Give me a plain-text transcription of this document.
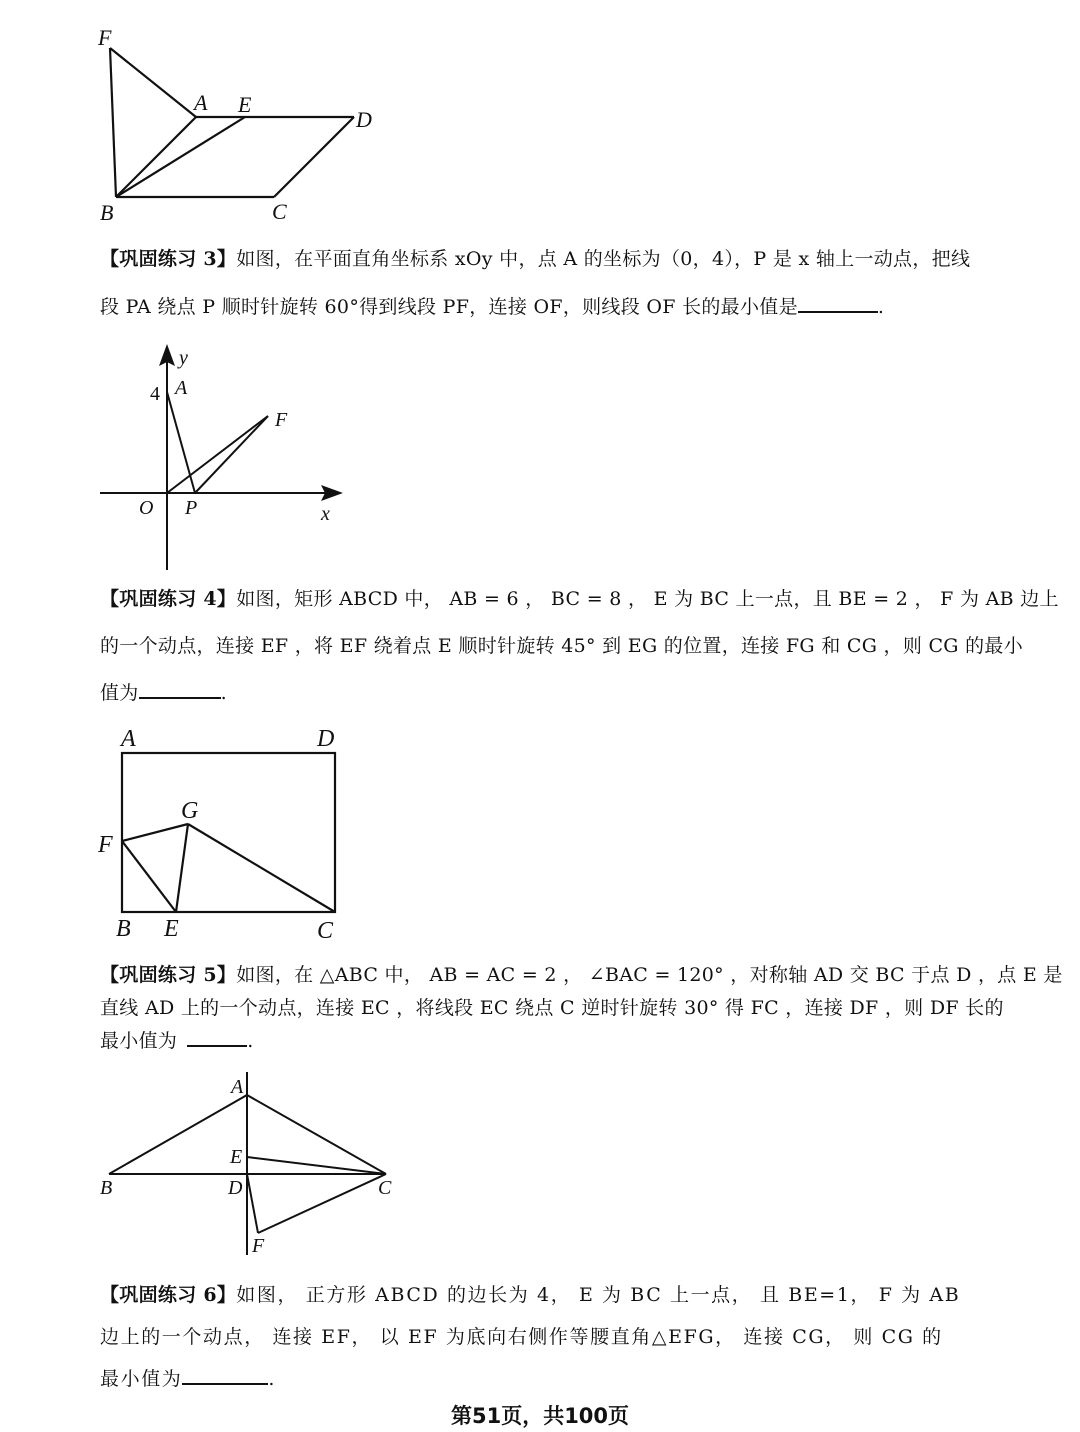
F
A E
D
B	C
【巩固练习 3】如图，在平面直角坐标系 xOy 中，点 A 的坐标为（0，4），P 是 x 轴上一动点，把线
段 PA 绕点 P 顺时针旋转 60°得到线段 PF，连接 OF，则线段 OF 长的最小值是	.
y
4 A
F
O P	x
【巩固练习 4】如图，矩形 ABCD 中， AB = 6 ， BC = 8 ， E 为 BC 上一点，且 BE = 2 ， F 为 AB 边上
的一个动点，连接 EF ，将 EF 绕着点 E 顺时针旋转 45° 到 EG 的位置，连接 FG 和 CG ，则 CG 的最小
值为	.
A	D
G
F
B E	C
【巩固练习 5】如图，在 △ABC 中， AB = AC = 2 ， ∠BAC = 120° ，对称轴 AD 交 BC 于点 D ，点 E 是
直线 AD 上的一个动点，连接 EC ，将线段 EC 绕点 C 逆时针旋转 30° 得 FC ，连接 DF ，则 DF 长的
最小值为	.
A
E
B	D	C
F
【巩固练习 6】如图， 正方形 ABCD 的边长为 4， E 为 BC 上一点， 且 BE=1， F 为 AB
边上的一个动点， 连接 EF， 以 EF 为底向右侧作等腰直角△EFG， 连接 CG， 则 CG 的
最小值为	.
第51页，共100页
